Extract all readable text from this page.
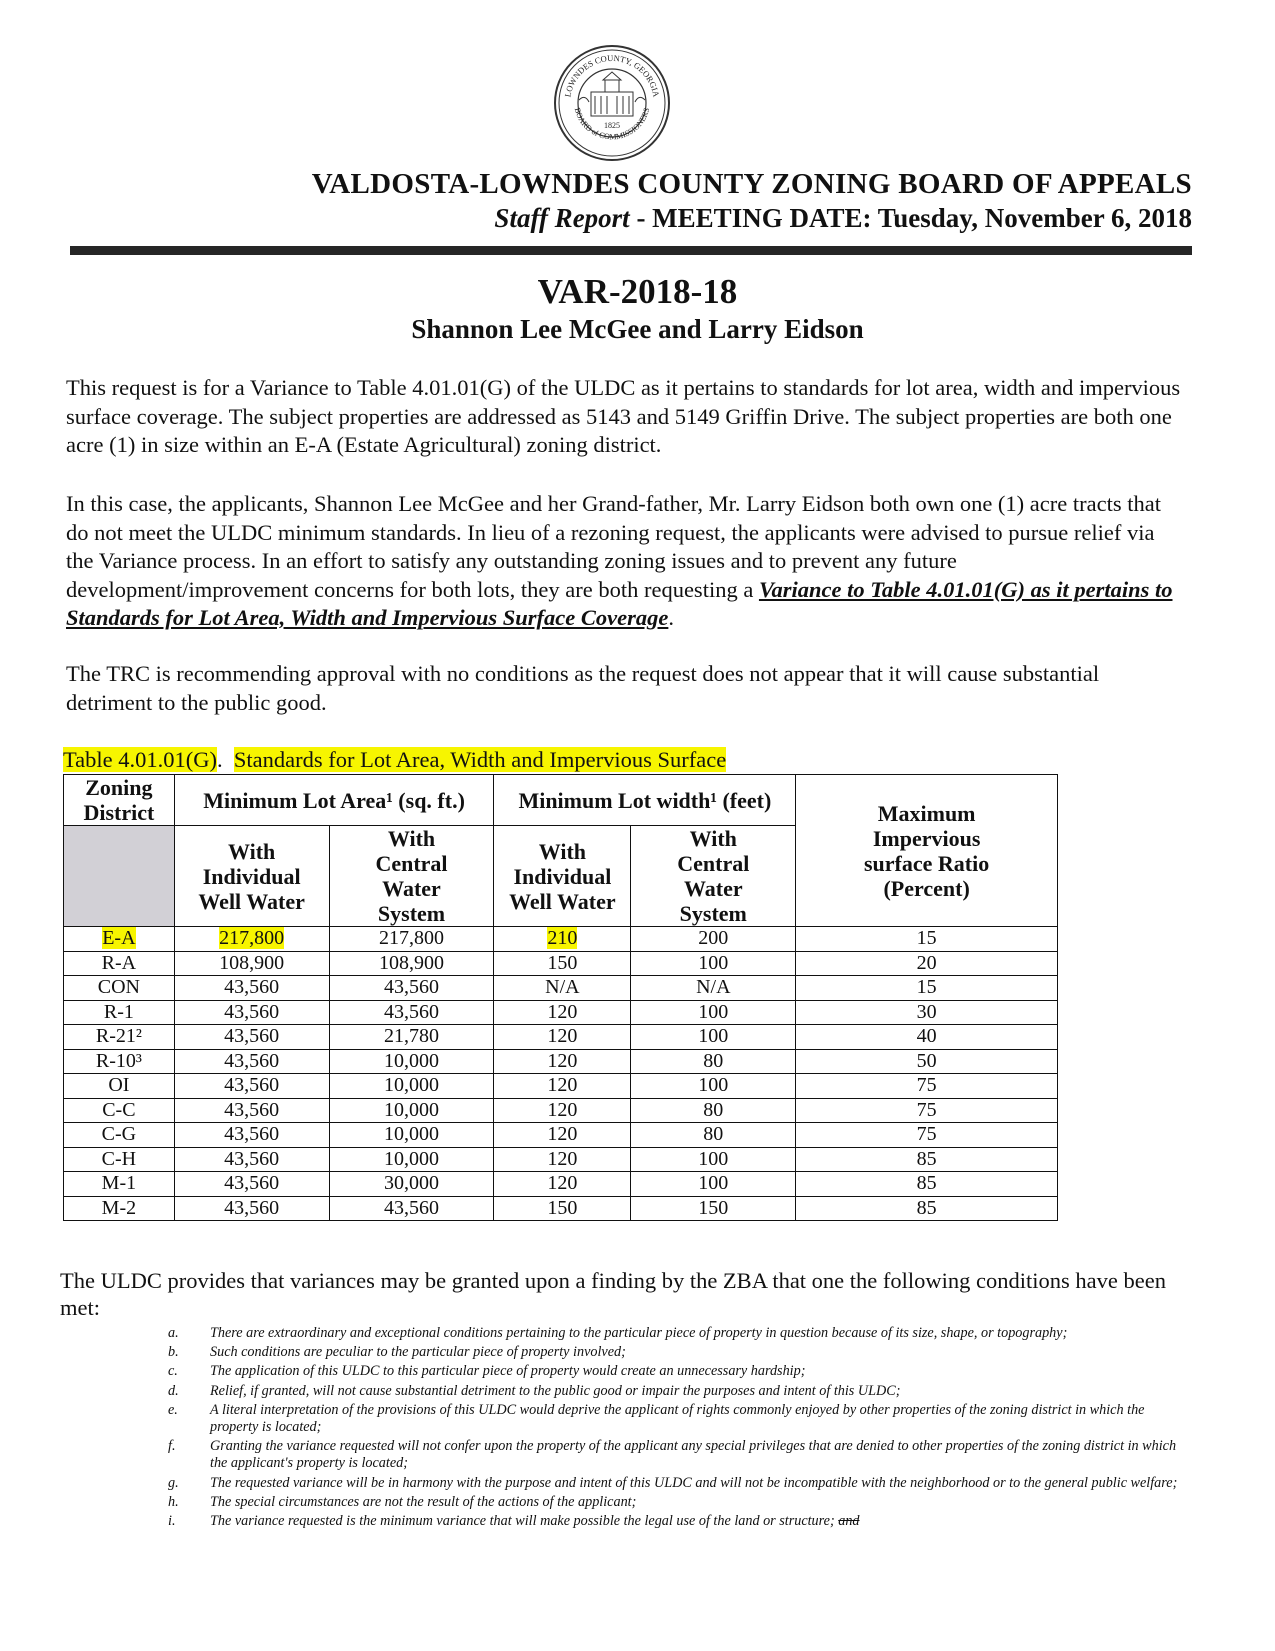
LOWNDES COUNTY, GEORGIA
BOARD of COMMISSIONERS
1825
VALDOSTA-LOWNDES COUNTY ZONING BOARD OF APPEALS
Staff Report - MEETING DATE: Tuesday, November 6, 2018
VAR-2018-18
Shannon Lee McGee and Larry Eidson
This request is for a Variance to Table 4.01.01(G) of the ULDC as it pertains to standards for lot area, width and impervious surface coverage. The subject properties are addressed as 5143 and 5149 Griffin Drive. The subject properties are both one acre (1) in size within an E-A (Estate Agricultural) zoning district.
In this case, the applicants, Shannon Lee McGee and her Grand-father, Mr. Larry Eidson both own one (1) acre tracts that do not meet the ULDC minimum standards. In lieu of a rezoning request, the applicants were advised to pursue relief via the Variance process. In an effort to satisfy any outstanding zoning issues and to prevent any future development/improvement concerns for both lots, they are both requesting a Variance to Table 4.01.01(G) as it pertains to Standards for Lot Area, Width and Impervious Surface Coverage.
The TRC is recommending approval with no conditions as the request does not appear that it will cause substantial detriment to the public good.
Table 4.01.01(G).  Standards for Lot Area, Width and Impervious Surface
Zoning District	Minimum Lot Area¹ (sq. ft.)		Minimum Lot width¹ (feet)		Maximum Impervious surface Ratio (Percent)
	With Individual Well Water	With Central Water System	With Individual Well Water	With Central Water System	
E-A	217,800	217,800	210	200	15
R-A	108,900	108,900	150	100	20
CON	43,560	43,560	N/A	N/A	15
R-1	43,560	43,560	120	100	30
R-21²	43,560	21,780	120	100	40
R-10³	43,560	10,000	120	80	50
OI	43,560	10,000	120	100	75
C-C	43,560	10,000	120	80	75
C-G	43,560	10,000	120	80	75
C-H	43,560	10,000	120	100	85
M-1	43,560	30,000	120	100	85
M-2	43,560	43,560	150	150	85
The ULDC provides that variances may be granted upon a finding by the ZBA that one the following conditions have been met:
a. There are extraordinary and exceptional conditions pertaining to the particular piece of property in question because of its size, shape, or topography;
b. Such conditions are peculiar to the particular piece of property involved;
c. The application of this ULDC to this particular piece of property would create an unnecessary hardship;
d. Relief, if granted, will not cause substantial detriment to the public good or impair the purposes and intent of this ULDC;
e. A literal interpretation of the provisions of this ULDC would deprive the applicant of rights commonly enjoyed by other properties of the zoning district in which the property is located;
f. Granting the variance requested will not confer upon the property of the applicant any special privileges that are denied to other properties of the zoning district in which the applicant's property is located;
g. The requested variance will be in harmony with the purpose and intent of this ULDC and will not be incompatible with the neighborhood or to the general public welfare;
h. The special circumstances are not the result of the actions of the applicant;
i. The variance requested is the minimum variance that will make possible the legal use of the land or structure; and
